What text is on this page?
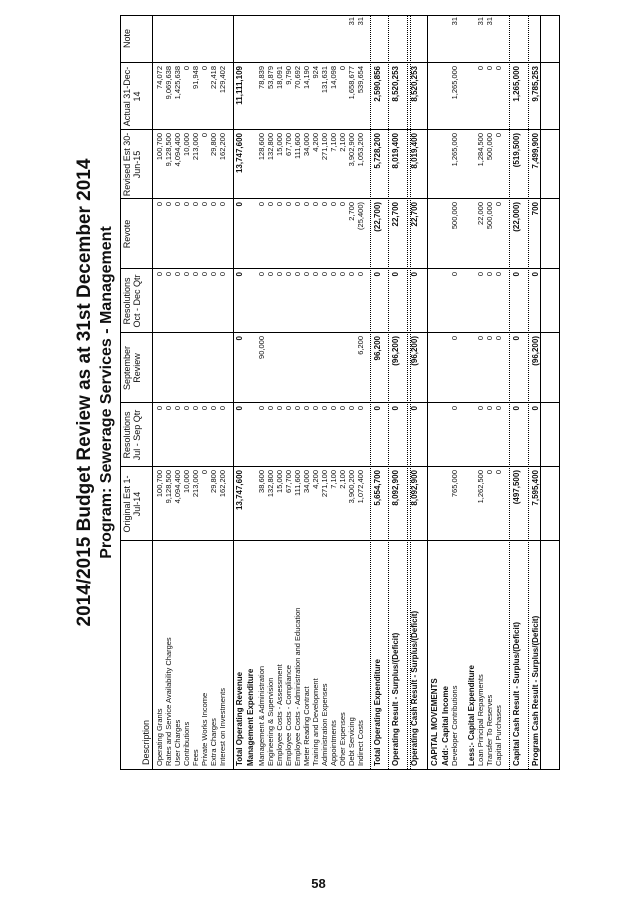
2014/2015 Budget Review as at 31st December 2014 Program: Sewerage Services - Management
Description
Original Est 1-Jul-14
Resolutions Jul - Sep Qtr
September Review
Resolutions Oct - Dec Qtr
Revote
Revised Est 30-Jun-15
Actual 31-Dec-14
Note
Operating Grants
100,700
0
0
0
100,700
74,072
Rates and Service Availability Charges
9,128,500
0
0
0
9,128,500
9,069,638
User Charges
4,094,400
0
0
0
4,094,400
1,425,638
Contributions
10,000
0
0
0
10,000
0
Fees
213,000
0
0
0
213,000
91,948
Private Works Income
0
0
0
0
0
0
Extra Charges
29,800
0
0
0
29,800
22,418
Interest on Investments
162,200
0
0
0
162,200
129,402
Total Operating Revenue
13,747,600
0
0
0
0
13,747,600
11,111,109
Management Expenditure Management & Administration
38,600
0
90,000
0
0
128,600
78,839
Engineering & Supervision
132,800
0
0
0
132,800
53,879
Employee Costs - Assessment
15,000
0
0
0
15,000
18,091
Employee Costs - Compliance
67,700
0
0
0
67,700
9,790
Employee Costs - Administration and Education
111,600
0
0
0
111,600
70,692
Meter Reading Contract
34,000
0
0
0
34,000
14,190
Training and Development
4,200
0
0
0
4,200
924
Administration Expenses
271,100
0
0
0
271,100
131,631
Appointments
7,100
0
0
0
7,100
14,098
Other Expenses
2,100
0
0
0
2,100
0
Debt Servicing
3,900,200
0
0
2,700
3,902,900
1,658,677
31
Indirect Costs
1,072,400
0
6,200
0
(25,400)
1,053,200
539,654
31
Total Operating Expenditure
5,654,700
0
96,200
0
(22,700)
5,728,200
2,590,856
Operating Result - Surplus/(Deficit)
8,092,900
0
(96,200)
0
22,700
8,019,400
8,520,253
Operating Cash Result - Surplus/(Deficit)
8,092,900
0
(96,200)
0
22,700
8,019,400
8,520,253
CAPITAL MOVEMENTS Add:- Capital Income Developer Contributions
765,000
0
0
0
500,000
1,265,000
1,265,000
31
Less:- Capital Expenditure Loan Principal Repayments
1,262,500
0
0
0
22,000
1,284,500
0
31
Transfer To Reserves
0
0
0
0
500,000
500,000
0
31
Capital Purchases
0
0
0
0
0
0
0
Capital Cash Result - Surplus/(Deficit)
(497,500)
0
0
0
(22,000)
(519,500)
1,265,000
Program Cash Result - Surplus/(Deficit)
7,595,400
0
(96,200)
0
700
7,499,900
9,785,253
58
